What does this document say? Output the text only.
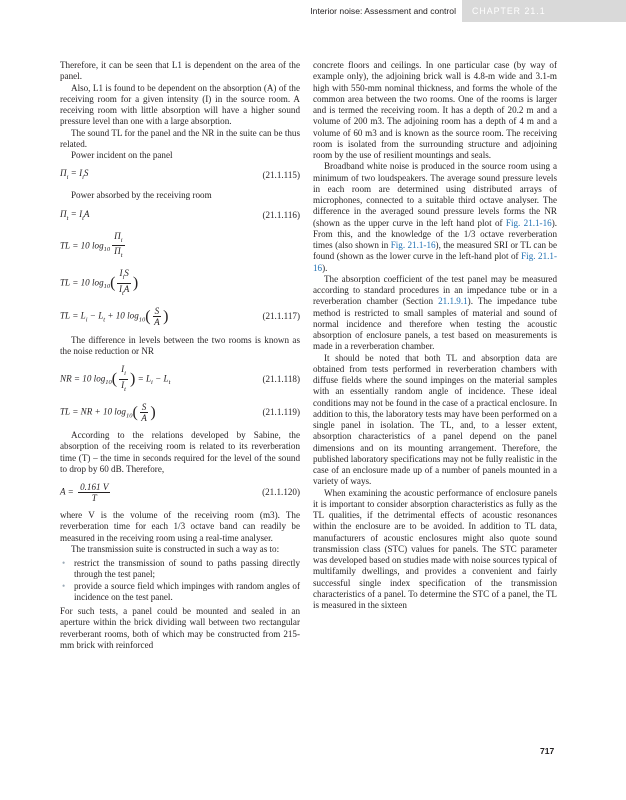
Interior noise: Assessment and control	CHAPTER 21.1

Therefore, it can be seen that L1 is dependent on the area of the panel.

Also, L1 is found to be dependent on the absorption (A) of the receiving room for a given intensity (I) in the source room. A receiving room with little absorption will have a higher sound pressure level than one with a large absorption.

The sound TL for the panel and the NR in the suite can be thus related.

Power incident on the panel

$\Pi_i = I_iS$	(21.1.115)

Power absorbed by the receiving room

$\Pi_t = I_tA$	(21.1.116)
TL = 10 $\log_{10} \frac{\Pi_i}{\Pi_t}$
TL = 10 $\log_{10}( \frac{I_iS}{I_tA}$ )
TL = $L_i - L_t + 10$ $\log_{10}( \frac{S}{A}$ )	(21.1.117)

The difference in levels between the two rooms is known as the noise reduction or NR

NR = 10 $\log_{10}( \frac{I_i}{I_t}$ ) = $L_i - L_t$	(21.1.118)
TL = NR + 10 $\log_{10}( \frac{S}{A}$ )	(21.1.119)

According to the relations developed by Sabine, the absorption of the receiving room is related to its reverberation time (T) – the time in seconds required for the level of the sound to drop by 60 dB. Therefore,

$A = \frac{0.161 V}{T}$	(21.1.120)

where V is the volume of the receiving room (m3). The reverberation time for each 1/3 octave band can readily be measured in the receiving room using a real-time analyser.

The transmission suite is constructed in such a way as to:

• restrict the transmission of sound to paths passing directly through the test panel;
• provide a source field which impinges with random angles of incidence on the test panel.

For such tests, a panel could be mounted and sealed in an aperture within the brick dividing wall between two rectangular reverberant rooms, both of which may be constructed from 215-mm brick with reinforced

concrete floors and ceilings. In one particular case (by way of example only), the adjoining brick wall is 4.8-m wide and 3.1-m high with 550-mm nominal thickness, and forms the whole of the common area between the two rooms. One of the rooms is larger and is termed the receiving room. It has a depth of 20.2 m and a volume of 200 m3. The adjoining room has a depth of 4 m and a volume of 60 m3 and is known as the source room. The receiving room is isolated from the surrounding structure and adjoining room by the use of resilient mountings and seals.

Broadband white noise is produced in the source room using a minimum of two loudspeakers. The average sound pressure levels in each room are determined using distributed arrays of microphones, connected to a suitable third octave analyser. The difference in the averaged sound pressure levels forms the NR (shown as the upper curve in the left hand plot of Fig. 21.1-16). From this, and the knowledge of the 1/3 octave reverberation times (also shown in Fig. 21.1-16), the measured SRI or TL can be found (shown as the lower curve in the left-hand plot of Fig. 21.1-16).

The absorption coefficient of the test panel may be measured according to standard procedures in an impedance tube or in a reverberation chamber (Section 21.1.9.1). The impedance tube method is restricted to small samples of material and sound of normal incidence and therefore when testing the acoustic absorption of enclosure panels, a test based on measurements is made in a reverberation chamber.

It should be noted that both TL and absorption data are obtained from tests performed in reverberation chambers with diffuse fields where the sound impinges on the material samples with an essentially random angle of incidence. These ideal conditions may not be found in the case of a practical enclosure. In addition to this, the laboratory tests may have been performed on a single panel in isolation. The TL, and, to a lesser extent, absorption characteristics of a panel depend on the panel dimensions and on its mounting arrangement. Therefore, the published laboratory specifications may not be fully realistic in the case of an enclosure made up of a number of panels mounted in a variety of ways.

When examining the acoustic performance of enclosure panels it is important to consider absorption characteristics as fully as the TL qualities, if the detrimental effects of acoustic resonances within the enclosure are to be avoided. In addition to TL data, manufacturers of acoustic enclosures might also quote sound transmission class (STC) values for panels. The STC parameter was developed based on studies made with noise sources typical of multifamily dwellings, and provides a convenient and fairly successful single index specification of the transmission characteristics of a panel. To determine the STC of a panel, the TL is measured in the sixteen

717
